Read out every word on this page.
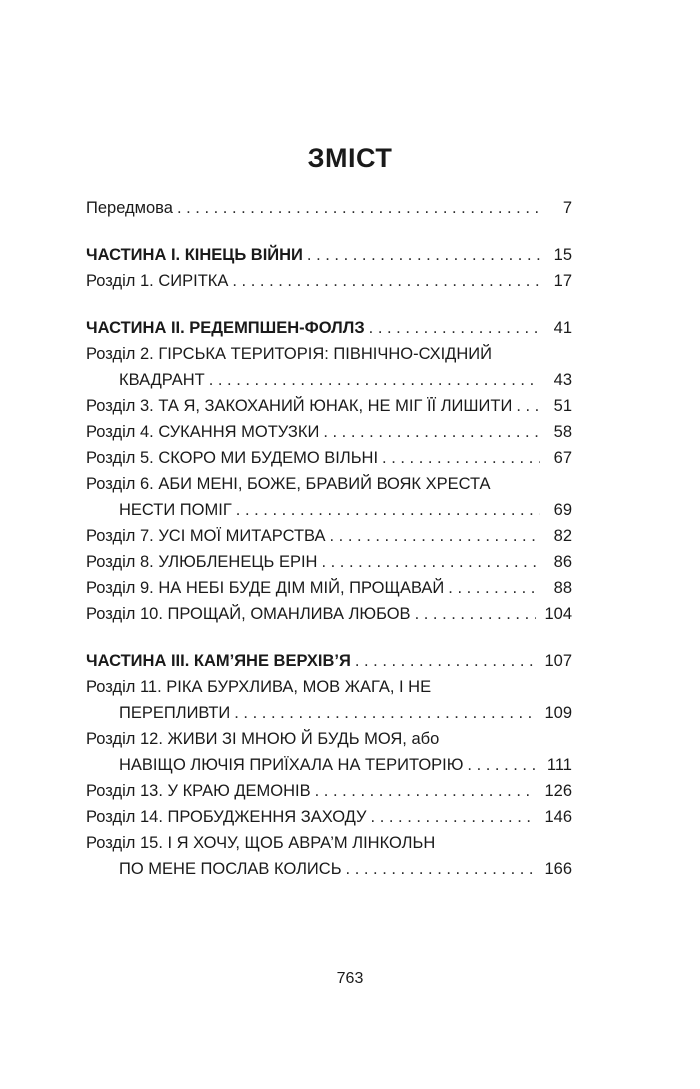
ЗМІСТ
Передмова . . .	7
ЧАСТИНА І. КІНЕЦЬ ВІЙНИ . . .	15
Розділ 1. СИРІТКА . . .	17
ЧАСТИНА ІІ. РЕДЕМПШЕН-ФОЛЛЗ . . .	41
Розділ 2. ГІРСЬКА ТЕРИТОРІЯ: ПІВНІЧНО-СХІДНИЙ
КВАДРАНТ . . .	43
Розділ 3. ТА Я, ЗАКОХАНИЙ ЮНАК, НЕ МІГ ЇЇ ЛИШИТИ . . .	51
Розділ 4. СУКАННЯ МОТУЗКИ . . .	58
Розділ 5. СКОРО МИ БУДЕМО ВІЛЬНІ . . .	67
Розділ 6. АБИ МЕНІ, БОЖЕ, БРАВИЙ ВОЯК ХРЕСТА
НЕСТИ ПОМІГ . . .	69
Розділ 7. УСІ МОЇ МИТАРСТВА . . .	82
Розділ 8. УЛЮБЛЕНЕЦЬ ЕРІН . . .	86
Розділ 9. НА НЕБІ БУДЕ ДІМ МІЙ, ПРОЩАВАЙ . . .	88
Розділ 10. ПРОЩАЙ, ОМАНЛИВА ЛЮБОВ . . .	104
ЧАСТИНА ІІІ. КАМ’ЯНЕ ВЕРХІВ’Я . . .	107
Розділ 11. РІКА БУРХЛИВА, МОВ ЖАГА, І НЕ
ПЕРЕПЛИВТИ . . .	109
Розділ 12. ЖИВИ ЗІ МНОЮ Й БУДЬ МОЯ, або
НАВІЩО ЛЮЧІЯ ПРИЇХАЛА НА ТЕРИТОРІЮ . . .	111
Розділ 13. У КРАЮ ДЕМОНІВ . . .	126
Розділ 14. ПРОБУДЖЕННЯ ЗАХОДУ . . .	146
Розділ 15. І Я ХОЧУ, ЩОБ АВРА’М ЛІНКОЛЬН
ПО МЕНЕ ПОСЛАВ КОЛИСЬ . . .	166
763
